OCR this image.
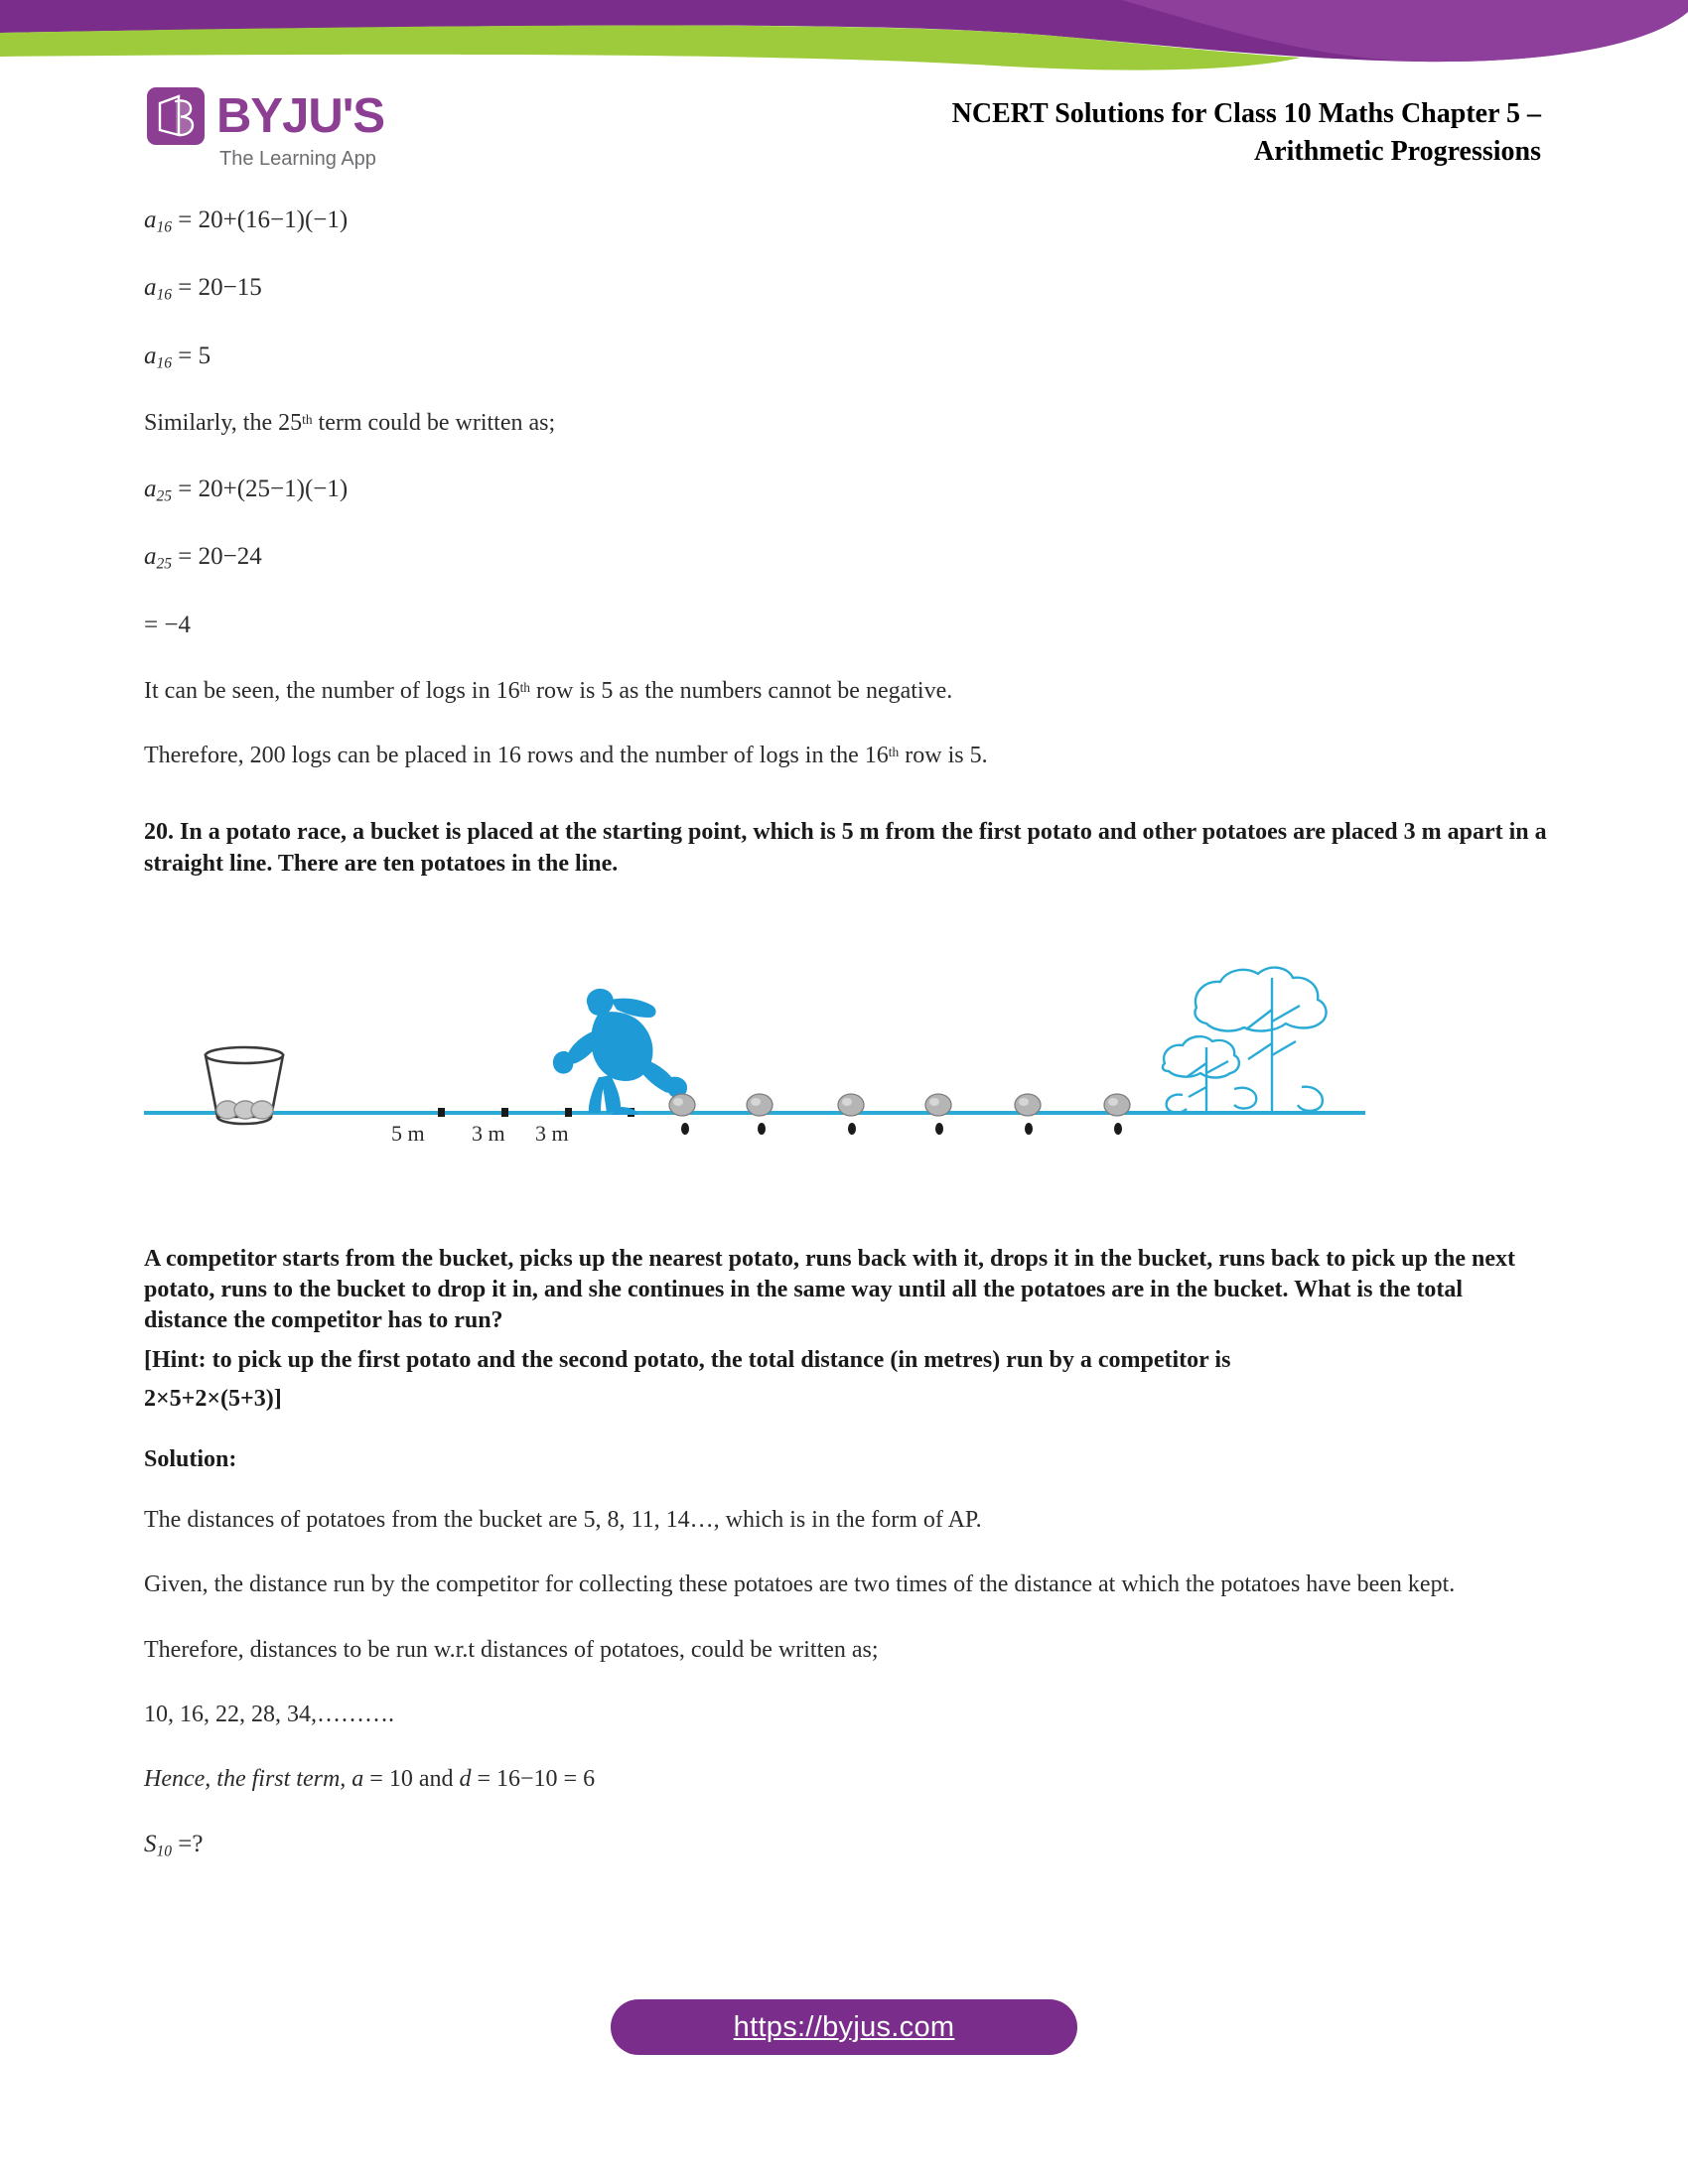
BYJU'S
The Learning App
NCERT Solutions for Class 10 Maths Chapter 5 –
Arithmetic Progressions

$a_{16} = 20+(16-1)(-1)$

$a_{16} = 20-15$

$a_{16} = 5$

Similarly, the 25th term could be written as;

$a_{25} = 20+(25-1)(-1)$

$a_{25} = 20-24$

= −4

It can be seen, the number of logs in 16th row is 5 as the numbers cannot be negative.

Therefore, 200 logs can be placed in 16 rows and the number of logs in the 16th row is 5.

20. In a potato race, a bucket is placed at the starting point, which is 5 m from the first potato and other potatoes are placed 3 m apart in a straight line. There are ten potatoes in the line.

5 m 3 m 3 m

A competitor starts from the bucket, picks up the nearest potato, runs back with it, drops it in the bucket, runs back to pick up the next potato, runs to the bucket to drop it in, and she continues in the same way until all the potatoes are in the bucket. What is the total distance the competitor has to run?

[Hint: to pick up the first potato and the second potato, the total distance (in metres) run by a competitor is

2×5+2×(5+3)]

Solution:

The distances of potatoes from the bucket are 5, 8, 11, 14…, which is in the form of AP.

Given, the distance run by the competitor for collecting these potatoes are two times of the distance at which the potatoes have been kept.

Therefore, distances to be run w.r.t distances of potatoes, could be written as;

10, 16, 22, 28, 34,……….

Hence, the first term, a = 10 and d = 16−10 = 6

$S_{10}$ =?

https://byjus.com
